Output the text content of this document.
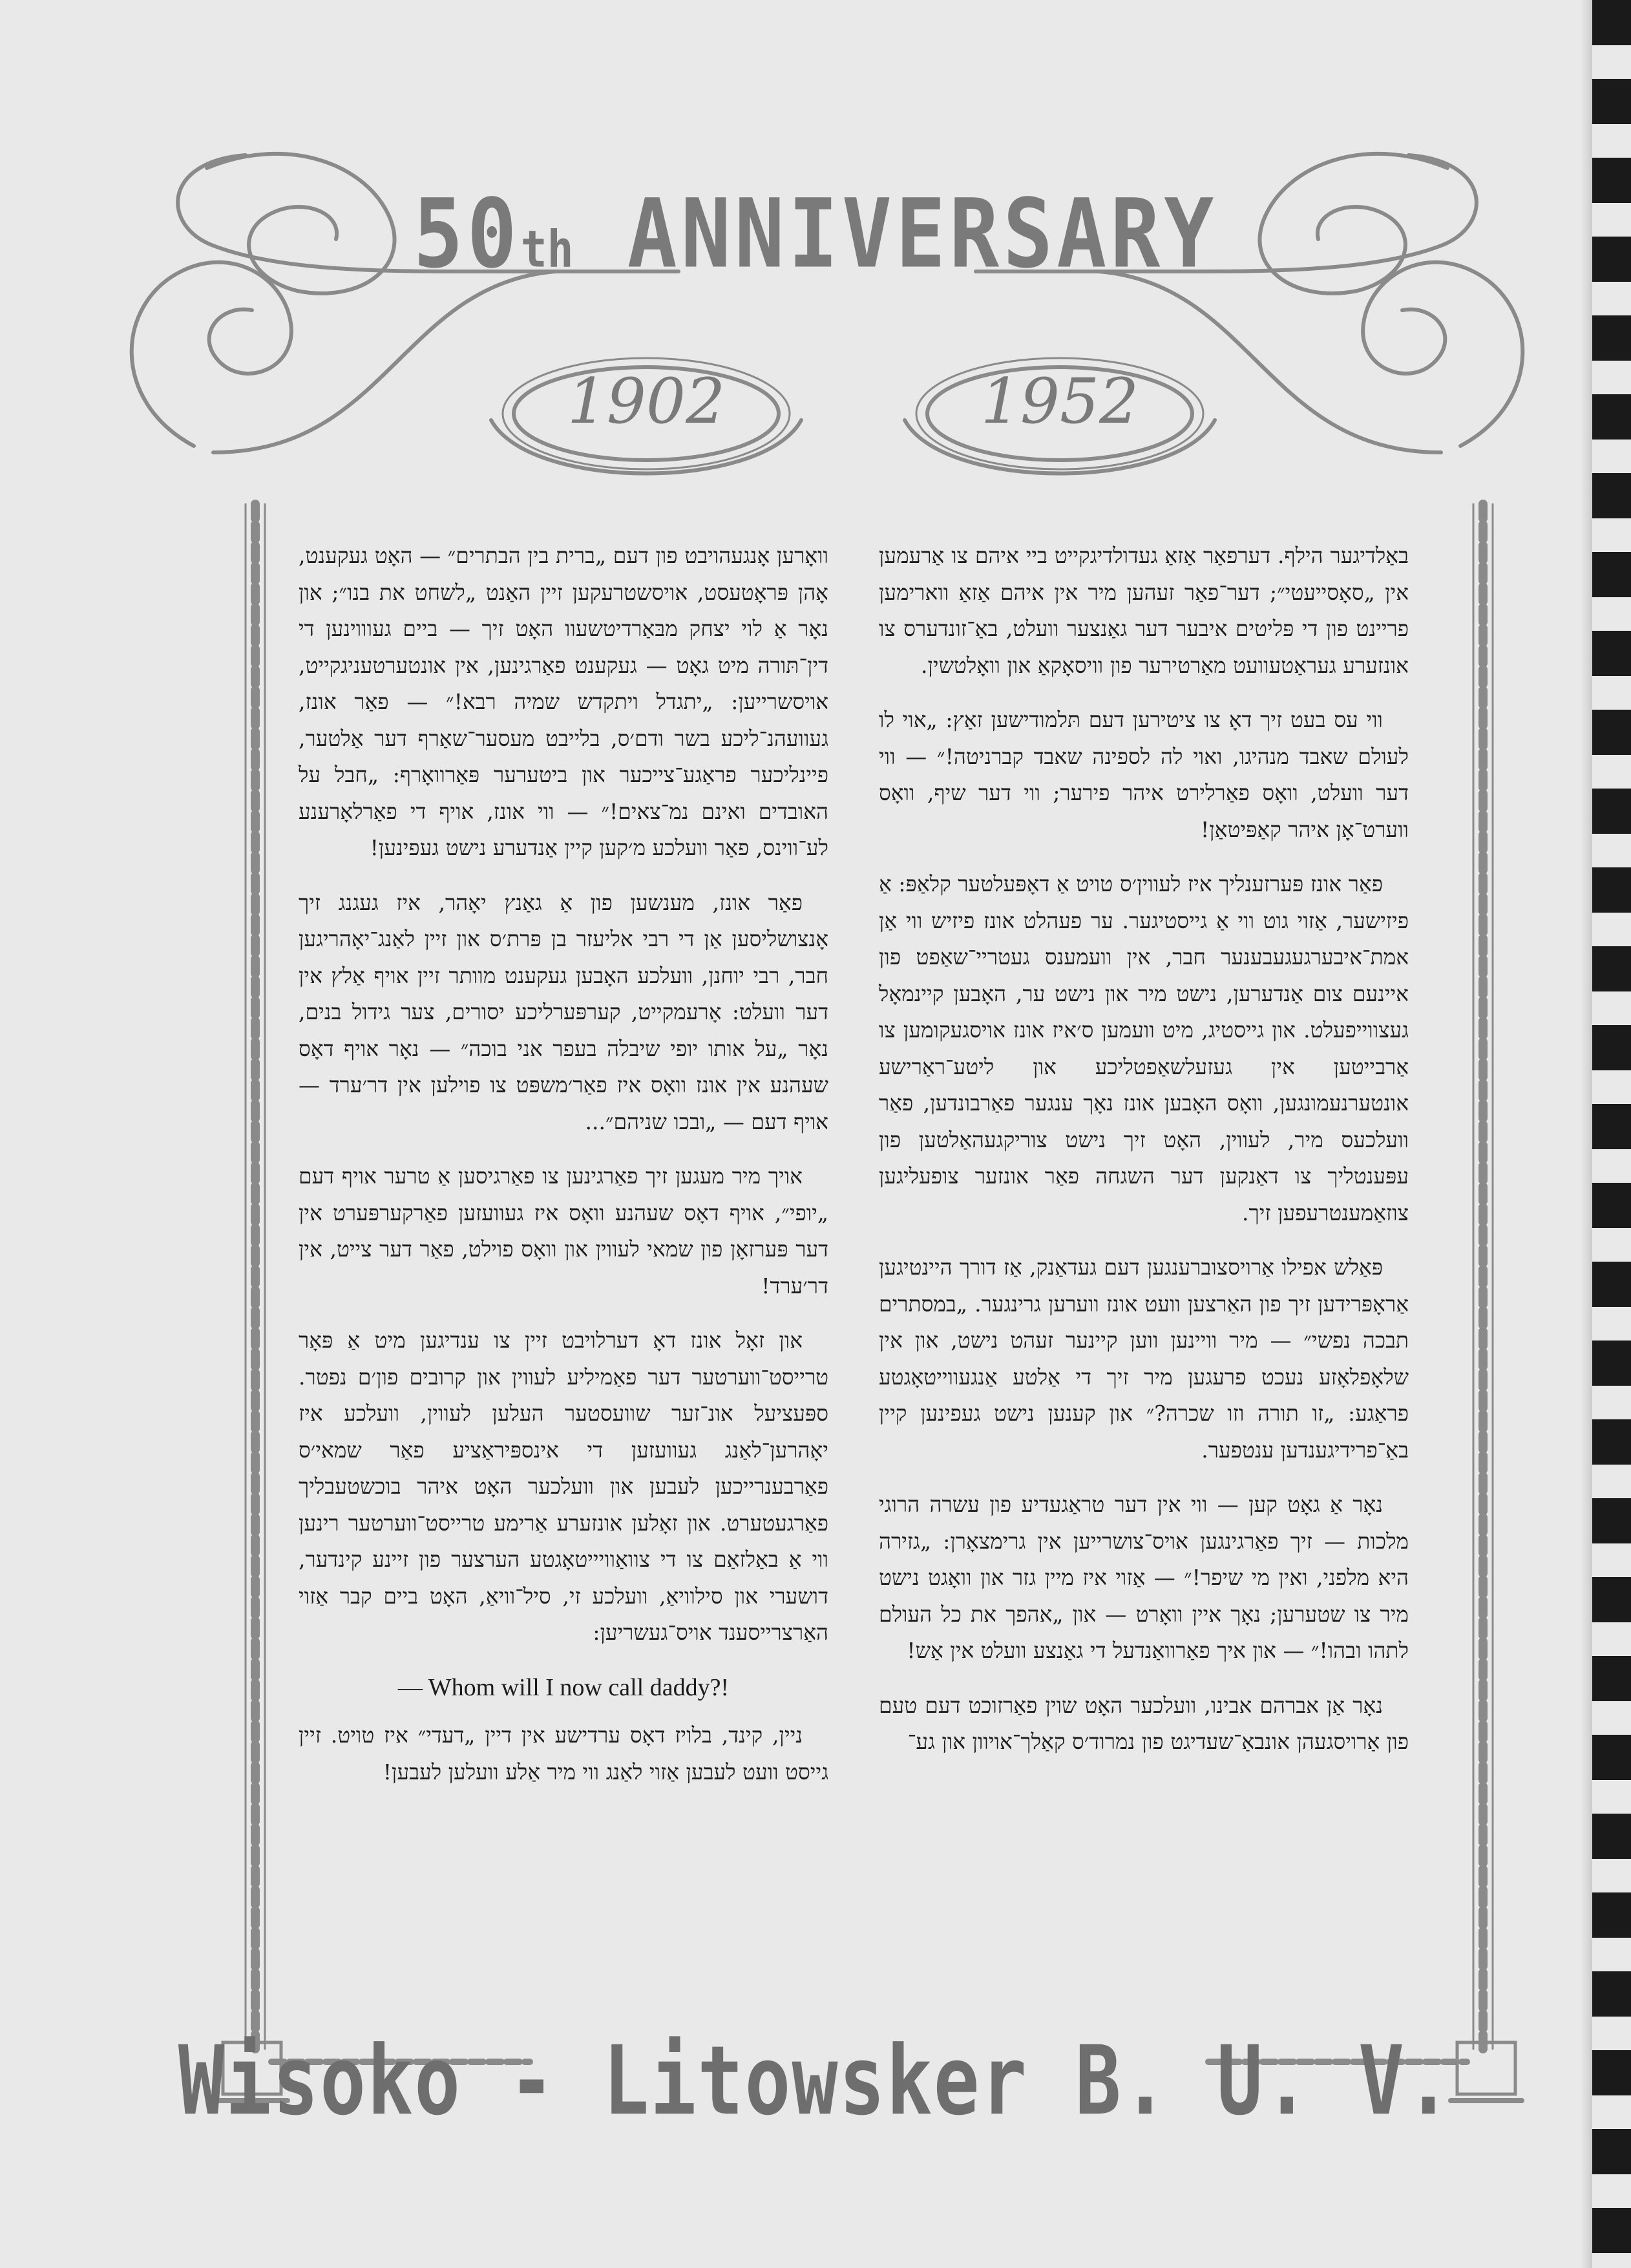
50th ANNIVERSARY
1902	1952

באַלדיגער הילף. דערפאַר אַזאַ געדולדיגקייט ביי איהם צו אַרעמען אין „סאָסייעטי״; דער־פאַר זעהען מיר אין איהם אַזאַ ווארימען פריינט פון די פּליטים איבער דער גאַנצער וועלט, באַ־זונדערס צו אונזערע געראַטעוועט מאַרטירער פון וויסאָקאַ און וואָלטשין.

ווי עס בעט זיך דאָ צו ציטירען דעם תּלמודישען זאַץ: „אוי לו לעולם שאבד מנהיגו, ואוי לה לספינה שאבד קברניטה!״ — ווי דער וועלט, וואָס פאַרלירט איהר פירער; ווי דער שיף, וואָס ווערט־אָן איהר קאַפּיטאַן!

פאַר אונז פּערזענליך איז לעווין׳ס טויט אַ דאָפּעלטער קלאַפּ: אַ פיזישער, אַזוי גוט ווי אַ גייסטיגער. ער פעהלט אונז פיזיש ווי אַן אמת־איבערגעגעבענער חבר, אין וועמענס געטריי־שאַפט פון איינעם צום אַנדערען, נישט מיר און נישט ער, האָבען קיינמאָל געצווייפעלט. און גייסטיג, מיט וועמען ס׳איז אונז אויסגעקומען צו אַרבייטען אין געזעלשאַפטליכע און ליטע־ראַרישע אונטערנעמונגען, וואָס האָבען אונז נאָך ענגער פאַרבונדען, פאַר וועלכעס מיר, לעווין, האָט זיך נישט צוריקגעהאַלטען פון עפּענטליך צו דאַנקען דער השגחה פאַר אונזער צופעליגען צוזאַמענטרעפען זיך.

פּאַלש אפילו אַרויסצוברענגען דעם געדאַנק, אַז דורך היינטיגען אַראָפּרידען זיך פון האַרצען וועט אונז ווערען גרינגער. „במסתרים תבכה נפשי״ — מיר וויינען ווען קיינער זעהט נישט, און אין שלאָפלאָזע נעכט פרעגען מיר זיך די אַלטע אַנגעווייטאָגטע פראַגע: „זו תורה וזו שכרה?״ און קענען נישט געפינען קיין באַ־פרידיגענדען ענטפער.

נאָר אַ גאָט קען — ווי אין דער טראַגעדיע פון עשרה הרוגי מלכות — זיך פאַרגינגען אויס־צושרייען אין גרימצאָרן: „גזירה היא מלפני, ואין מי שיפר!״ — אַזוי איז מיין גזר און וואָגט נישט מיר צו שטערען; נאָך איין וואָרט — און „אהפך את כל העולם לתהו ובהו!״ — און איך פאַרוואַנדעל די גאַנצע וועלט אין אַש!

נאָר אַן אברהם אבינו, וועלכער האָט שוין פאַרזוכט דעם טעם פון אַרויסגעהן אונבאַ־שעדיגט פון נמרוד׳ס קאַלך־אויוון און גע־

וואָרען אָנגעהויבט פון דעם „ברית בין הבתרים״ — האָט געקענט, אָהן פּראָטעסט, אויסשטרעקען זיין האַנט „לשחט את בנו״; און נאָר אַ לוי יצחק מבּאַרדיטשעוו האָט זיך — ביים געוווינען די דין־תּורה מיט גאָט — געקענט פאַרגינען, אין אונטערטעניגקייט, אויסשרייען: „יתגדל ויתקדש שמיה רבא!״ — פאַר אונז, געוועהנ־ליכע בשר ודם׳ס, בלייבט מעסער־שאַרף דער אַלטער, פיינליכער פראַגע־צייכער און ביטערער פּאַרוואָרף: „חבל על האובדים ואינם נמ־צאים!״ — ווי אונז, אויף די פאַרלאָרענע לע־ווינס, פאַר וועלכע מ׳קען קיין אַנדערע נישט געפינען!

פאַר אונז, מענשען פון אַ גאַנץ יאָהר, איז געגנג זיך אָנצושליסען אַן די רבי אליעזר בן פּרת׳ס און זיין לאַנג־יאָהריגען חבר, רבי יוחנן, וועלכע האָבען געקענט מוותר זיין אויף אַלץ אין דער וועלט: אָרעמקייט, קערפּערליכע יסורים, צער גידול בנים, נאָר „על אותו יופי שיבלה בעפר אני בוכה״ — נאָר אויף דאָס שעהנע אין אונז וואָס איז פאַר׳משפּט צו פוילען אין דר׳ערד — אויף דעם — „ובכו שניהם״...

אויך מיר מעגען זיך פאַרגינען צו פאַרגיסען אַ טרער אויף דעם „יופי״, אויף דאָס שעהנע וואָס איז געוועזען פאַרקערפּערט אין דער פּערזאָן פון שמאי לעווין און וואָס פוילט, פאַר דער צייט, אין דר׳ערד!

און זאָל אונז דאָ דערלויבט זיין צו ענדיגען מיט אַ פּאָר טרייסט־ווערטער דער פאַמיליע לעווין און קרובים פון׳ם נפטר. ספּעציעל אונ־זער שוועסטער העלען לעווין, וועלכע איז יאָהרען־לאַנג געוועזען די אינספּיראַציע פאַר שמאי׳ס פאַרבענרייכען לעבען און וועלכער האָט איהר בוכשטעבליך פאַרגעטערט. און זאָלען אונזערע אַרימע טרייסט־ווערטער רינען ווי אַ באַלזאַם צו די צוואַוויייטאָגטע הערצער פון זיינע קינדער, דושערי און סילוויאַ, וועלכע זי, סיל־וויאַ, האָט ביים קבר אַזוי האַרצרייסענד אויס־געשריען:

— Whom will I now call daddy?!

ניין, קינד, בלויז דאָס ערדישע אין דיין „דעדי״ איז טויט. זיין גייסט וועט לעבען אַזוי לאַנג ווי מיר אַלע וועלען לעבען!

Wisoko - Litowsker B. U. V.
